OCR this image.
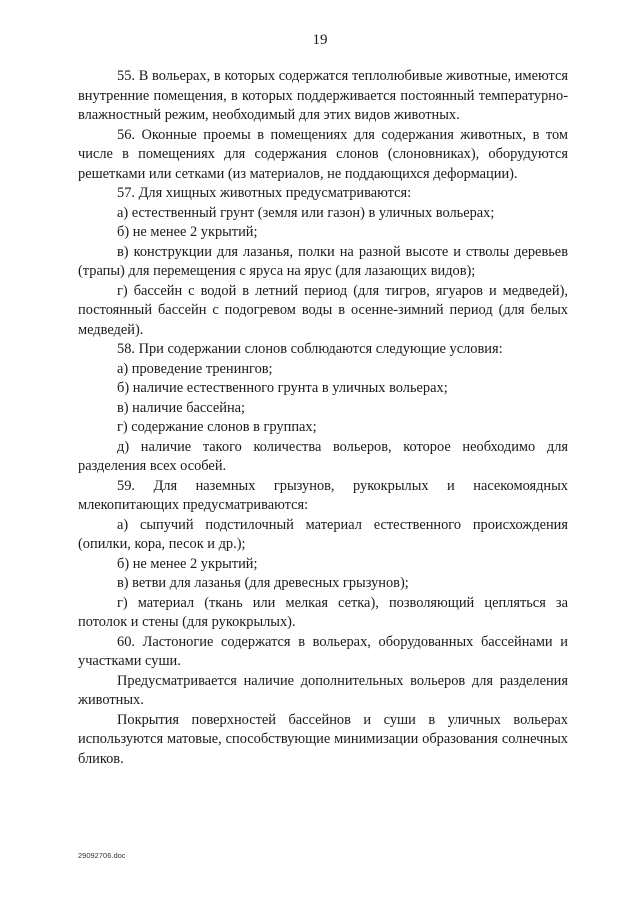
19

55. В вольерах, в которых содержатся теплолюбивые животные, имеются внутренние помещения, в которых поддерживается постоянный температурно-влажностный режим, необходимый для этих видов животных.

56. Оконные проемы в помещениях для содержания животных, в том числе в помещениях для содержания слонов (слоновниках), оборудуются решетками или сетками (из материалов, не поддающихся деформации).

57. Для хищных животных предусматриваются:

а) естественный грунт (земля или газон) в уличных вольерах;

б) не менее 2 укрытий;

в) конструкции для лазанья, полки на разной высоте и стволы деревьев (трапы) для перемещения с яруса на ярус (для лазающих видов);

г) бассейн с водой в летний период (для тигров, ягуаров и медведей), постоянный бассейн с подогревом воды в осенне-зимний период (для белых медведей).

58. При содержании слонов соблюдаются следующие условия:

а) проведение тренингов;

б) наличие естественного грунта в уличных вольерах;

в) наличие бассейна;

г) содержание слонов в группах;

д) наличие такого количества вольеров, которое необходимо для разделения всех особей.

59. Для наземных грызунов, рукокрылых и насекомоядных млекопитающих предусматриваются:

а) сыпучий подстилочный материал естественного происхождения (опилки, кора, песок и др.);

б) не менее 2 укрытий;

в) ветви для лазанья (для древесных грызунов);

г) материал (ткань или мелкая сетка), позволяющий цепляться за потолок и стены (для рукокрылых).

60. Ластоногие содержатся в вольерах, оборудованных бассейнами и участками суши.

Предусматривается наличие дополнительных вольеров для разделения животных.

Покрытия поверхностей бассейнов и суши в уличных вольерах используются матовые, способствующие минимизации образования солнечных бликов.

29092706.doc
